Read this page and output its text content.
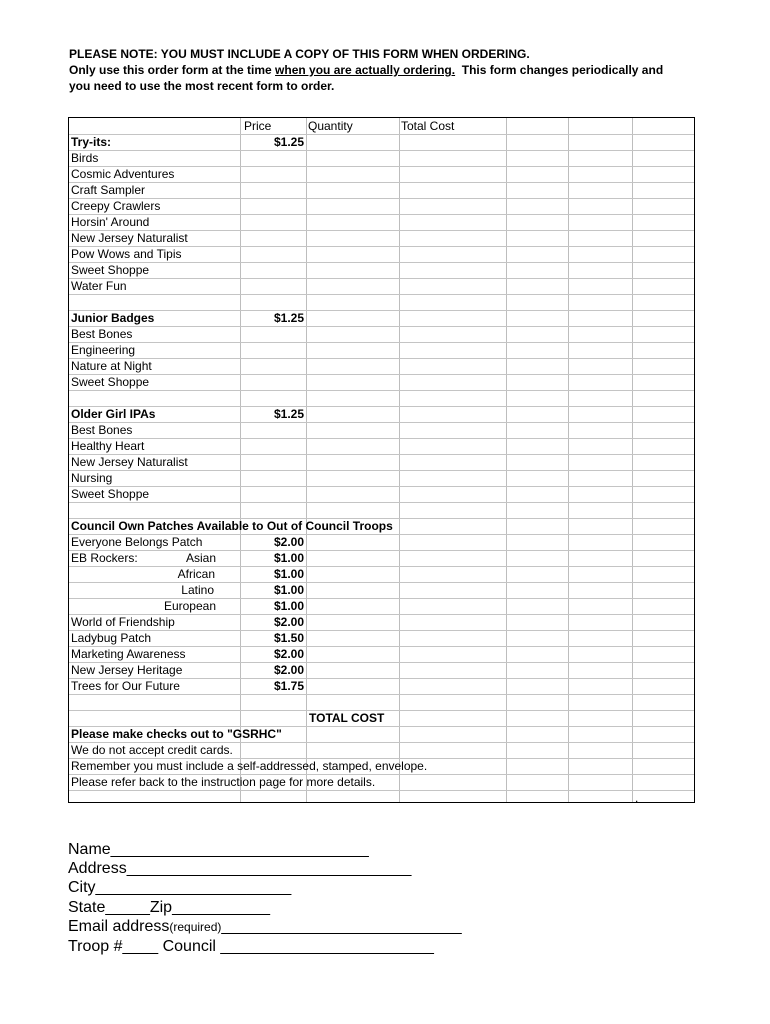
PLEASE NOTE: YOU MUST INCLUDE A COPY OF THIS FORM WHEN ORDERING.
Only use this order form at the time when you are actually ordering.  This form changes periodically and
you need to use the most recent form to order.
Price	Quantity	Total Cost
Try-its:	$1.25
Birds
Cosmic Adventures
Craft Sampler
Creepy Crawlers
Horsin' Around
New Jersey Naturalist
Pow Wows and Tipis
Sweet Shoppe
Water Fun
Junior Badges	$1.25
Best Bones
Engineering
Nature at Night
Sweet Shoppe
Older Girl IPAs	$1.25
Best Bones
Healthy Heart
New Jersey Naturalist
Nursing
Sweet Shoppe
Council Own Patches Available to Out of Council Troops
Everyone Belongs Patch	$2.00
EB Rockers:	Asian	$1.00
African	$1.00
Latino	$1.00
European	$1.00
World of Friendship	$2.00
Ladybug Patch	$1.50
Marketing Awareness	$2.00
New Jersey Heritage	$2.00
Trees for Our Future	$1.75
TOTAL COST
Please make checks out to "GSRHC"
We do not accept credit cards.
Remember you must include a self-addressed, stamped, envelope.
Please refer back to the instruction page for more details.
.
Name_____________________________
Address________________________________
City______________________
State_____Zip___________
Email address(required)___________________________
Troop #____ Council ________________________
